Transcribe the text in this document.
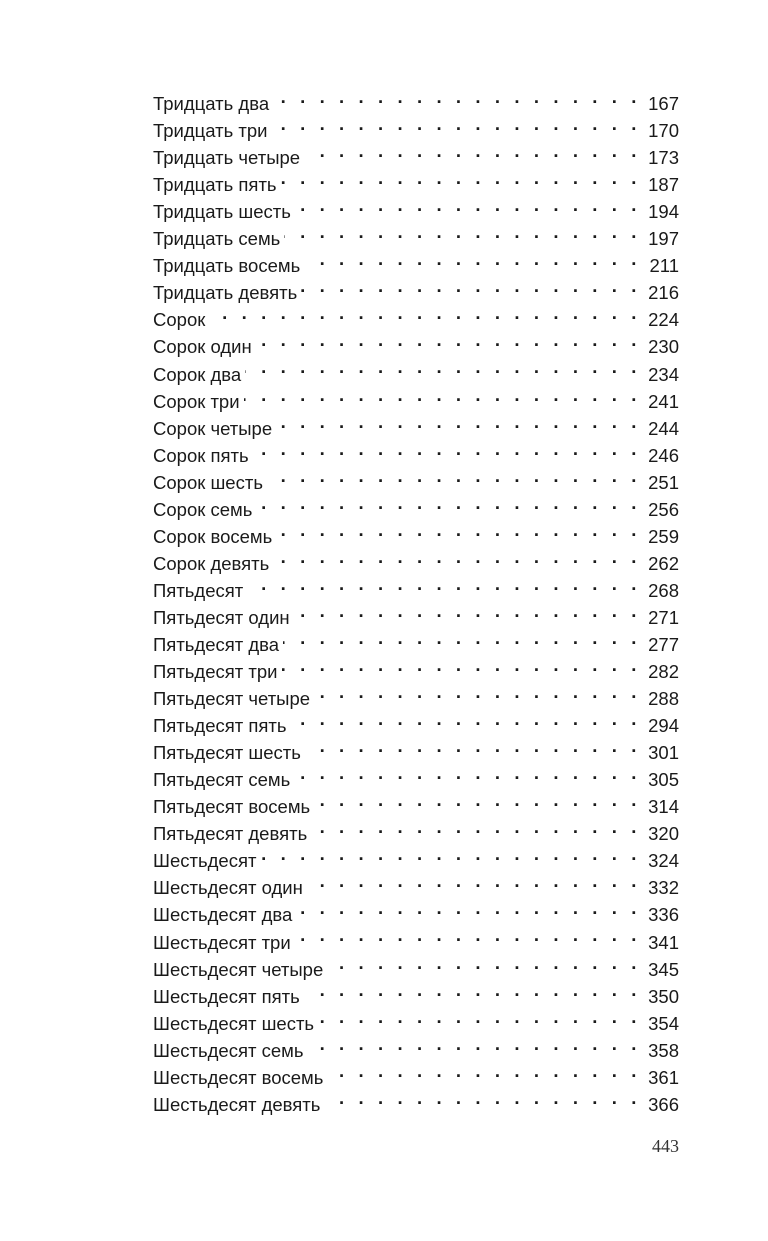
Тридцать два . . .	167
Тридцать три . . .	170
Тридцать четыре . . .	173
Тридцать пять . . .	187
Тридцать шесть . . .	194
Тридцать семь . . .	197
Тридцать восемь . . .	211
Тридцать девять . . .	216
Сорок . . .	224
Сорок один . . .	230
Сорок два . . .	234
Сорок три . . .	241
Сорок четыре . . .	244
Сорок пять . . .	246
Сорок шесть . . .	251
Сорок семь . . .	256
Сорок восемь . . .	259
Сорок девять . . .	262
Пятьдесят . . .	268
Пятьдесят один . . .	271
Пятьдесят два . . .	277
Пятьдесят три . . .	282
Пятьдесят четыре . . .	288
Пятьдесят пять . . .	294
Пятьдесят шесть . . .	301
Пятьдесят семь . . .	305
Пятьдесят восемь . . .	314
Пятьдесят девять . . .	320
Шестьдесят . . .	324
Шестьдесят один . . .	332
Шестьдесят два . . .	336
Шестьдесят три . . .	341
Шестьдесят четыре . . .	345
Шестьдесят пять . . .	350
Шестьдесят шесть . . .	354
Шестьдесят семь . . .	358
Шестьдесят восемь . . .	361
Шестьдесят девять . . .	366
443
